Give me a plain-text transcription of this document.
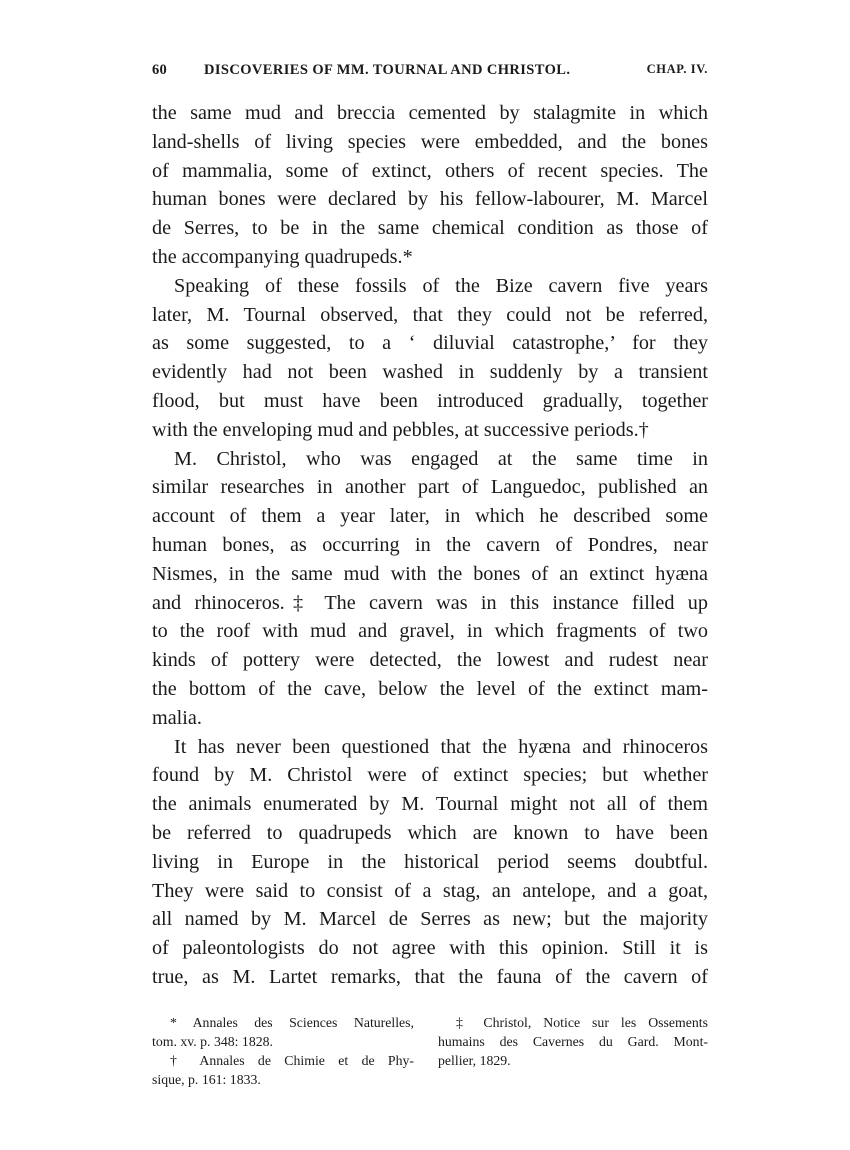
60	DISCOVERIES OF MM. TOURNAL AND CHRISTOL.	CHAP. IV.
the same mud and breccia cemented by stalagmite in which
land-shells of living species were embedded, and the bones
of mammalia, some of extinct, others of recent species. The
human bones were declared by his fellow-labourer, M. Marcel
de Serres, to be in the same chemical condition as those of
the accompanying quadrupeds.*
Speaking of these fossils of the Bize cavern five years
later, M. Tournal observed, that they could not be referred,
as some suggested, to a ‘ diluvial catastrophe,’ for they
evidently had not been washed in suddenly by a transient
flood, but must have been introduced gradually, together
with the enveloping mud and pebbles, at successive periods.†
M. Christol, who was engaged at the same time in
similar researches in another part of Languedoc, published an
account of them a year later, in which he described some
human bones, as occurring in the cavern of Pondres, near
Nismes, in the same mud with the bones of an extinct hyæna
and rhinoceros.‡ The cavern was in this instance filled up
to the roof with mud and gravel, in which fragments of two
kinds of pottery were detected, the lowest and rudest near
the bottom of the cave, below the level of the extinct mam-
malia.
It has never been questioned that the hyæna and rhinoceros
found by M. Christol were of extinct species; but whether
the animals enumerated by M. Tournal might not all of them
be referred to quadrupeds which are known to have been
living in Europe in the historical period seems doubtful.
They were said to consist of a stag, an antelope, and a goat,
all named by M. Marcel de Serres as new; but the majority
of paleontologists do not agree with this opinion. Still it is
true, as M. Lartet remarks, that the fauna of the cavern of
* Annales des Sciences Naturelles,
tom. xv. p. 348: 1828.
† Annales de Chimie et de Phy-
sique, p. 161: 1833.
‡ Christol, Notice sur les Ossements
humains des Cavernes du Gard. Mont-
pellier, 1829.
